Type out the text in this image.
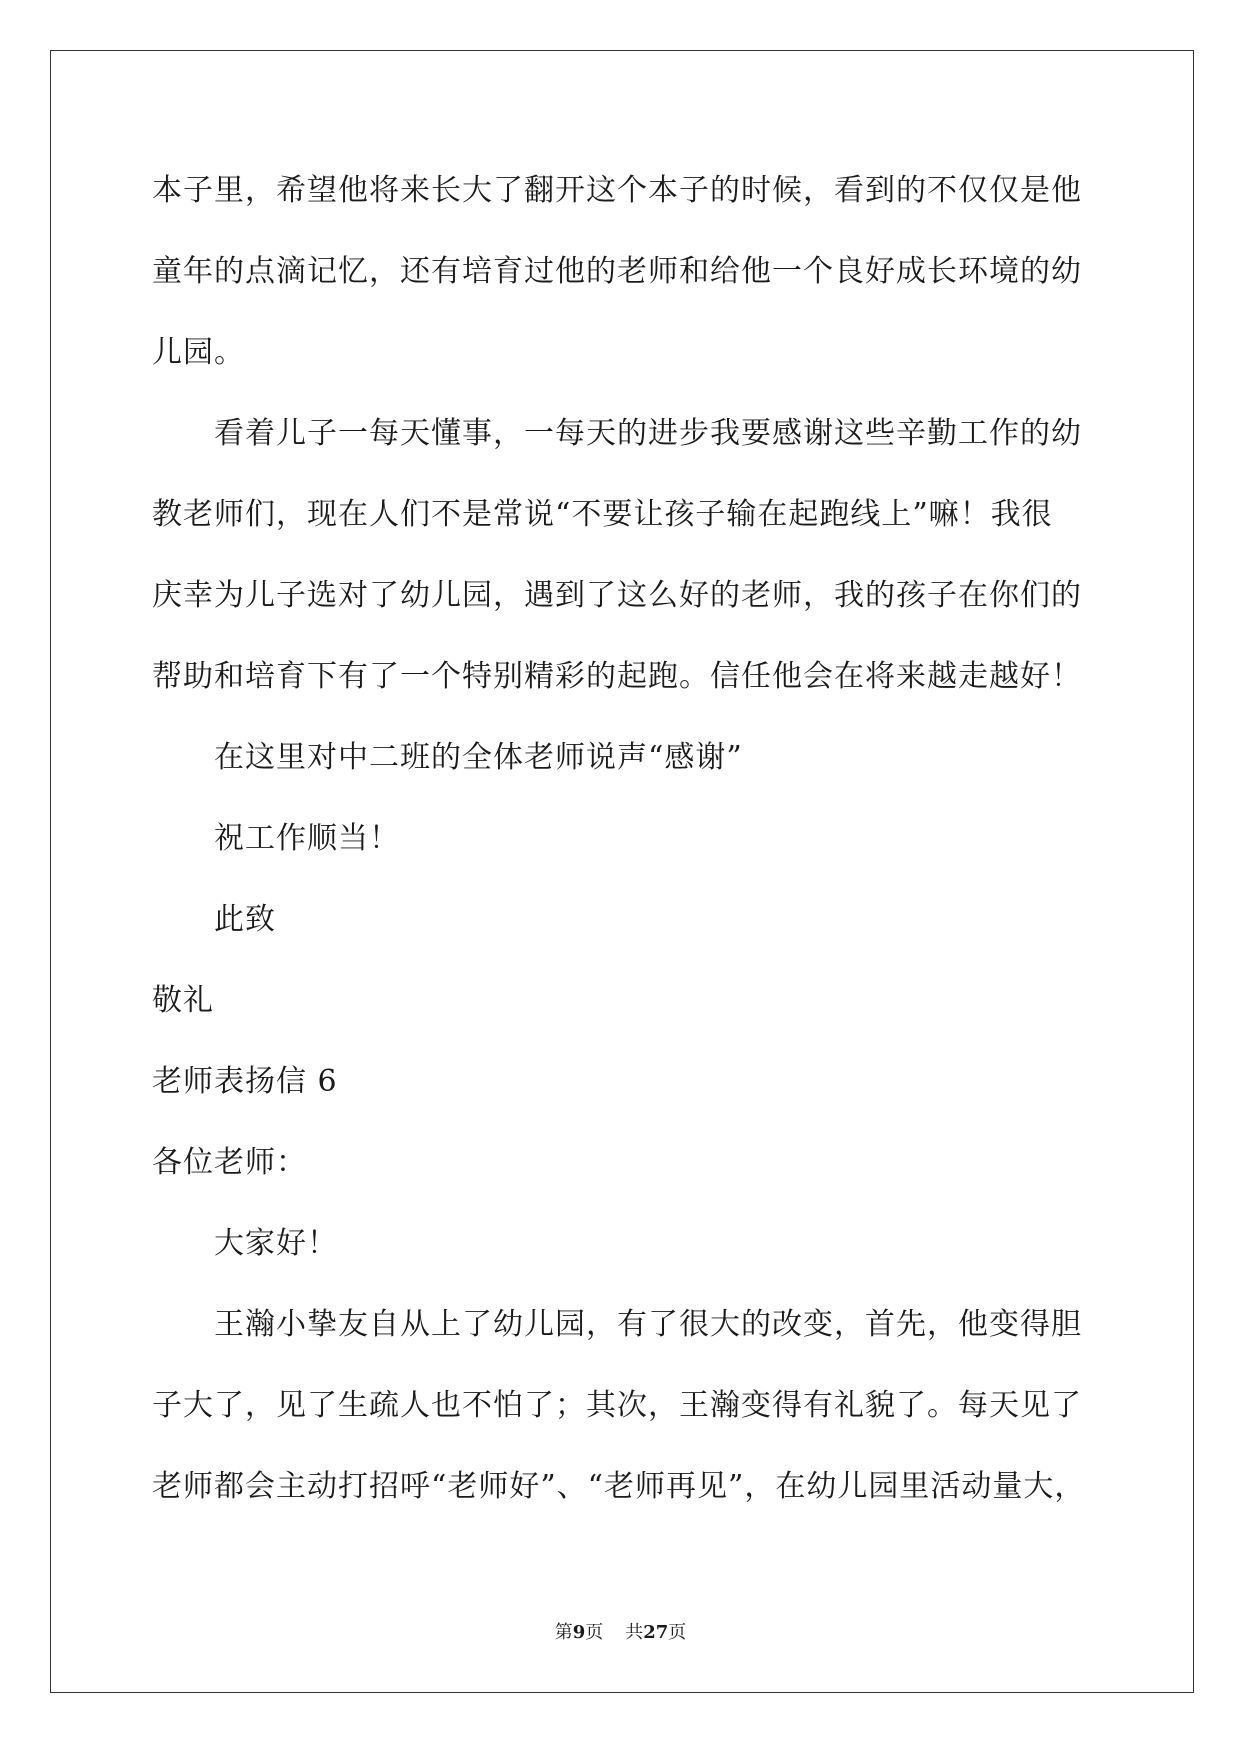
本子里，希望他将来长大了翻开这个本子的时候，看到的不仅仅是他
童年的点滴记忆，还有培育过他的老师和给他一个良好成长环境的幼
儿园。
看着儿子一每天懂事，一每天的进步我要感谢这些辛勤工作的幼
教老师们，现在人们不是常说“不要让孩子输在起跑线上”嘛！我很
庆幸为儿子选对了幼儿园，遇到了这么好的老师，我的孩子在你们的
帮助和培育下有了一个特别精彩的起跑。信任他会在将来越走越好！
在这里对中二班的全体老师说声“感谢”
祝工作顺当！
此致
敬礼
老师表扬信 6
各位老师：
大家好！
王瀚小挚友自从上了幼儿园，有了很大的改变，首先，他变得胆
子大了，见了生疏人也不怕了；其次，王瀚变得有礼貌了。每天见了
老师都会主动打招呼“老师好”、“老师再见”，在幼儿园里活动量大，
第9页 共27页
